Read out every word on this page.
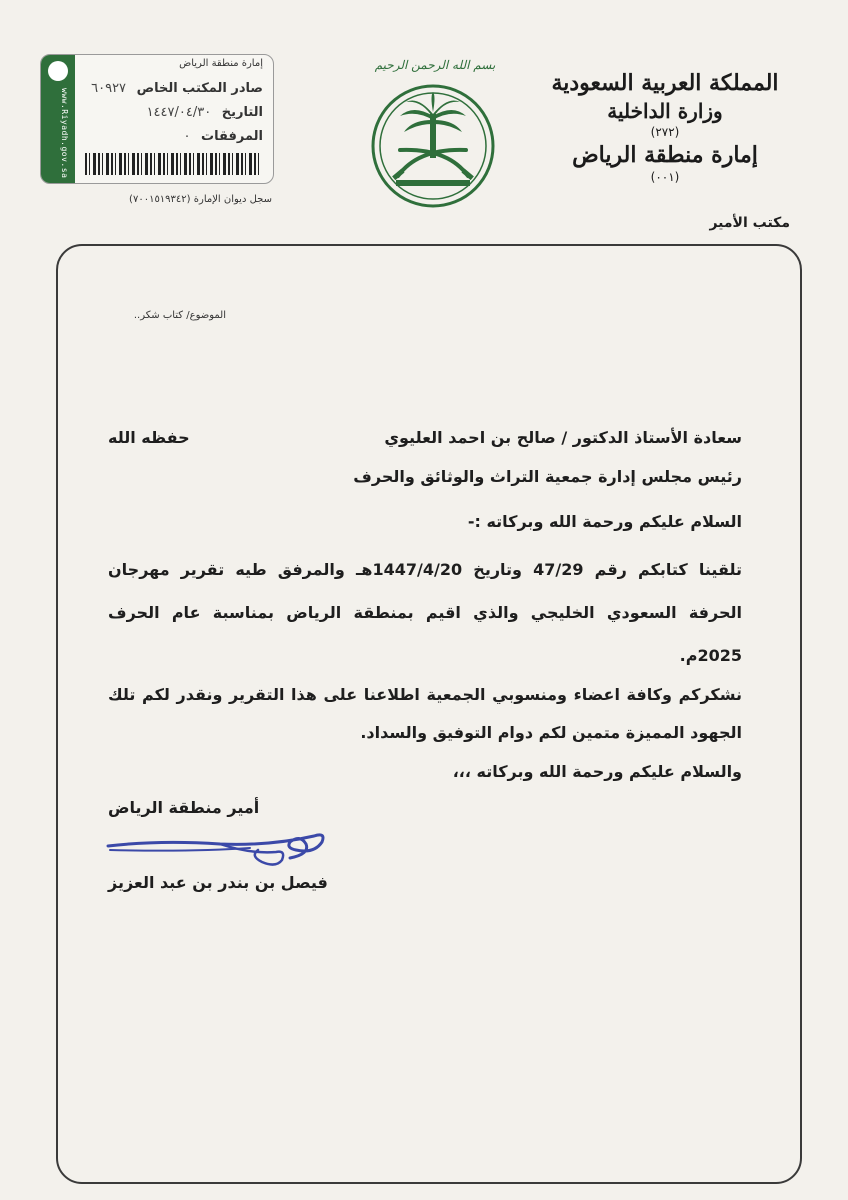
www.Riyadh.gov.sa
إمارة منطقة الرياض
صادر المكتب الخاص ٦٠٩٢٧
التاريخ ١٤٤٧/٠٤/٣٠
المرفقات ٠
سجل ديوان الإمارة (٧٠٠١٥١٩٣٤٢)
بسم الله الرحمن الرحيم
المملكة العربية السعودية
وزارة الداخلية
(٢٧٢)
إمارة منطقة الرياض
(٠٠١)
مكتب الأمير
الموضوع/ كتاب شكر..
سعادة الأستاذ الدكتور / صالح بن احمد العليوي
حفظه الله
رئيس مجلس إدارة جمعية التراث والوثائق والحرف
السلام عليكم ورحمة الله وبركاته :-
تلقينا كتابكم رقم 47/29 وتاريخ 1447/4/20هـ والمرفق طيه تقرير مهرجان الحرفة السعودي الخليجي والذي اقيم بمنطقة الرياض بمناسبة عام الحرف 2025م.
نشكركم وكافة اعضاء ومنسوبي الجمعية اطلاعنا على هذا التقرير ونقدر لكم تلك الجهود المميزة متمين لكم دوام التوفيق والسداد.
والسلام عليكم ورحمة الله وبركاته ،،،
أمير منطقة الرياض
فيصل بن بندر بن عبد العزيز
